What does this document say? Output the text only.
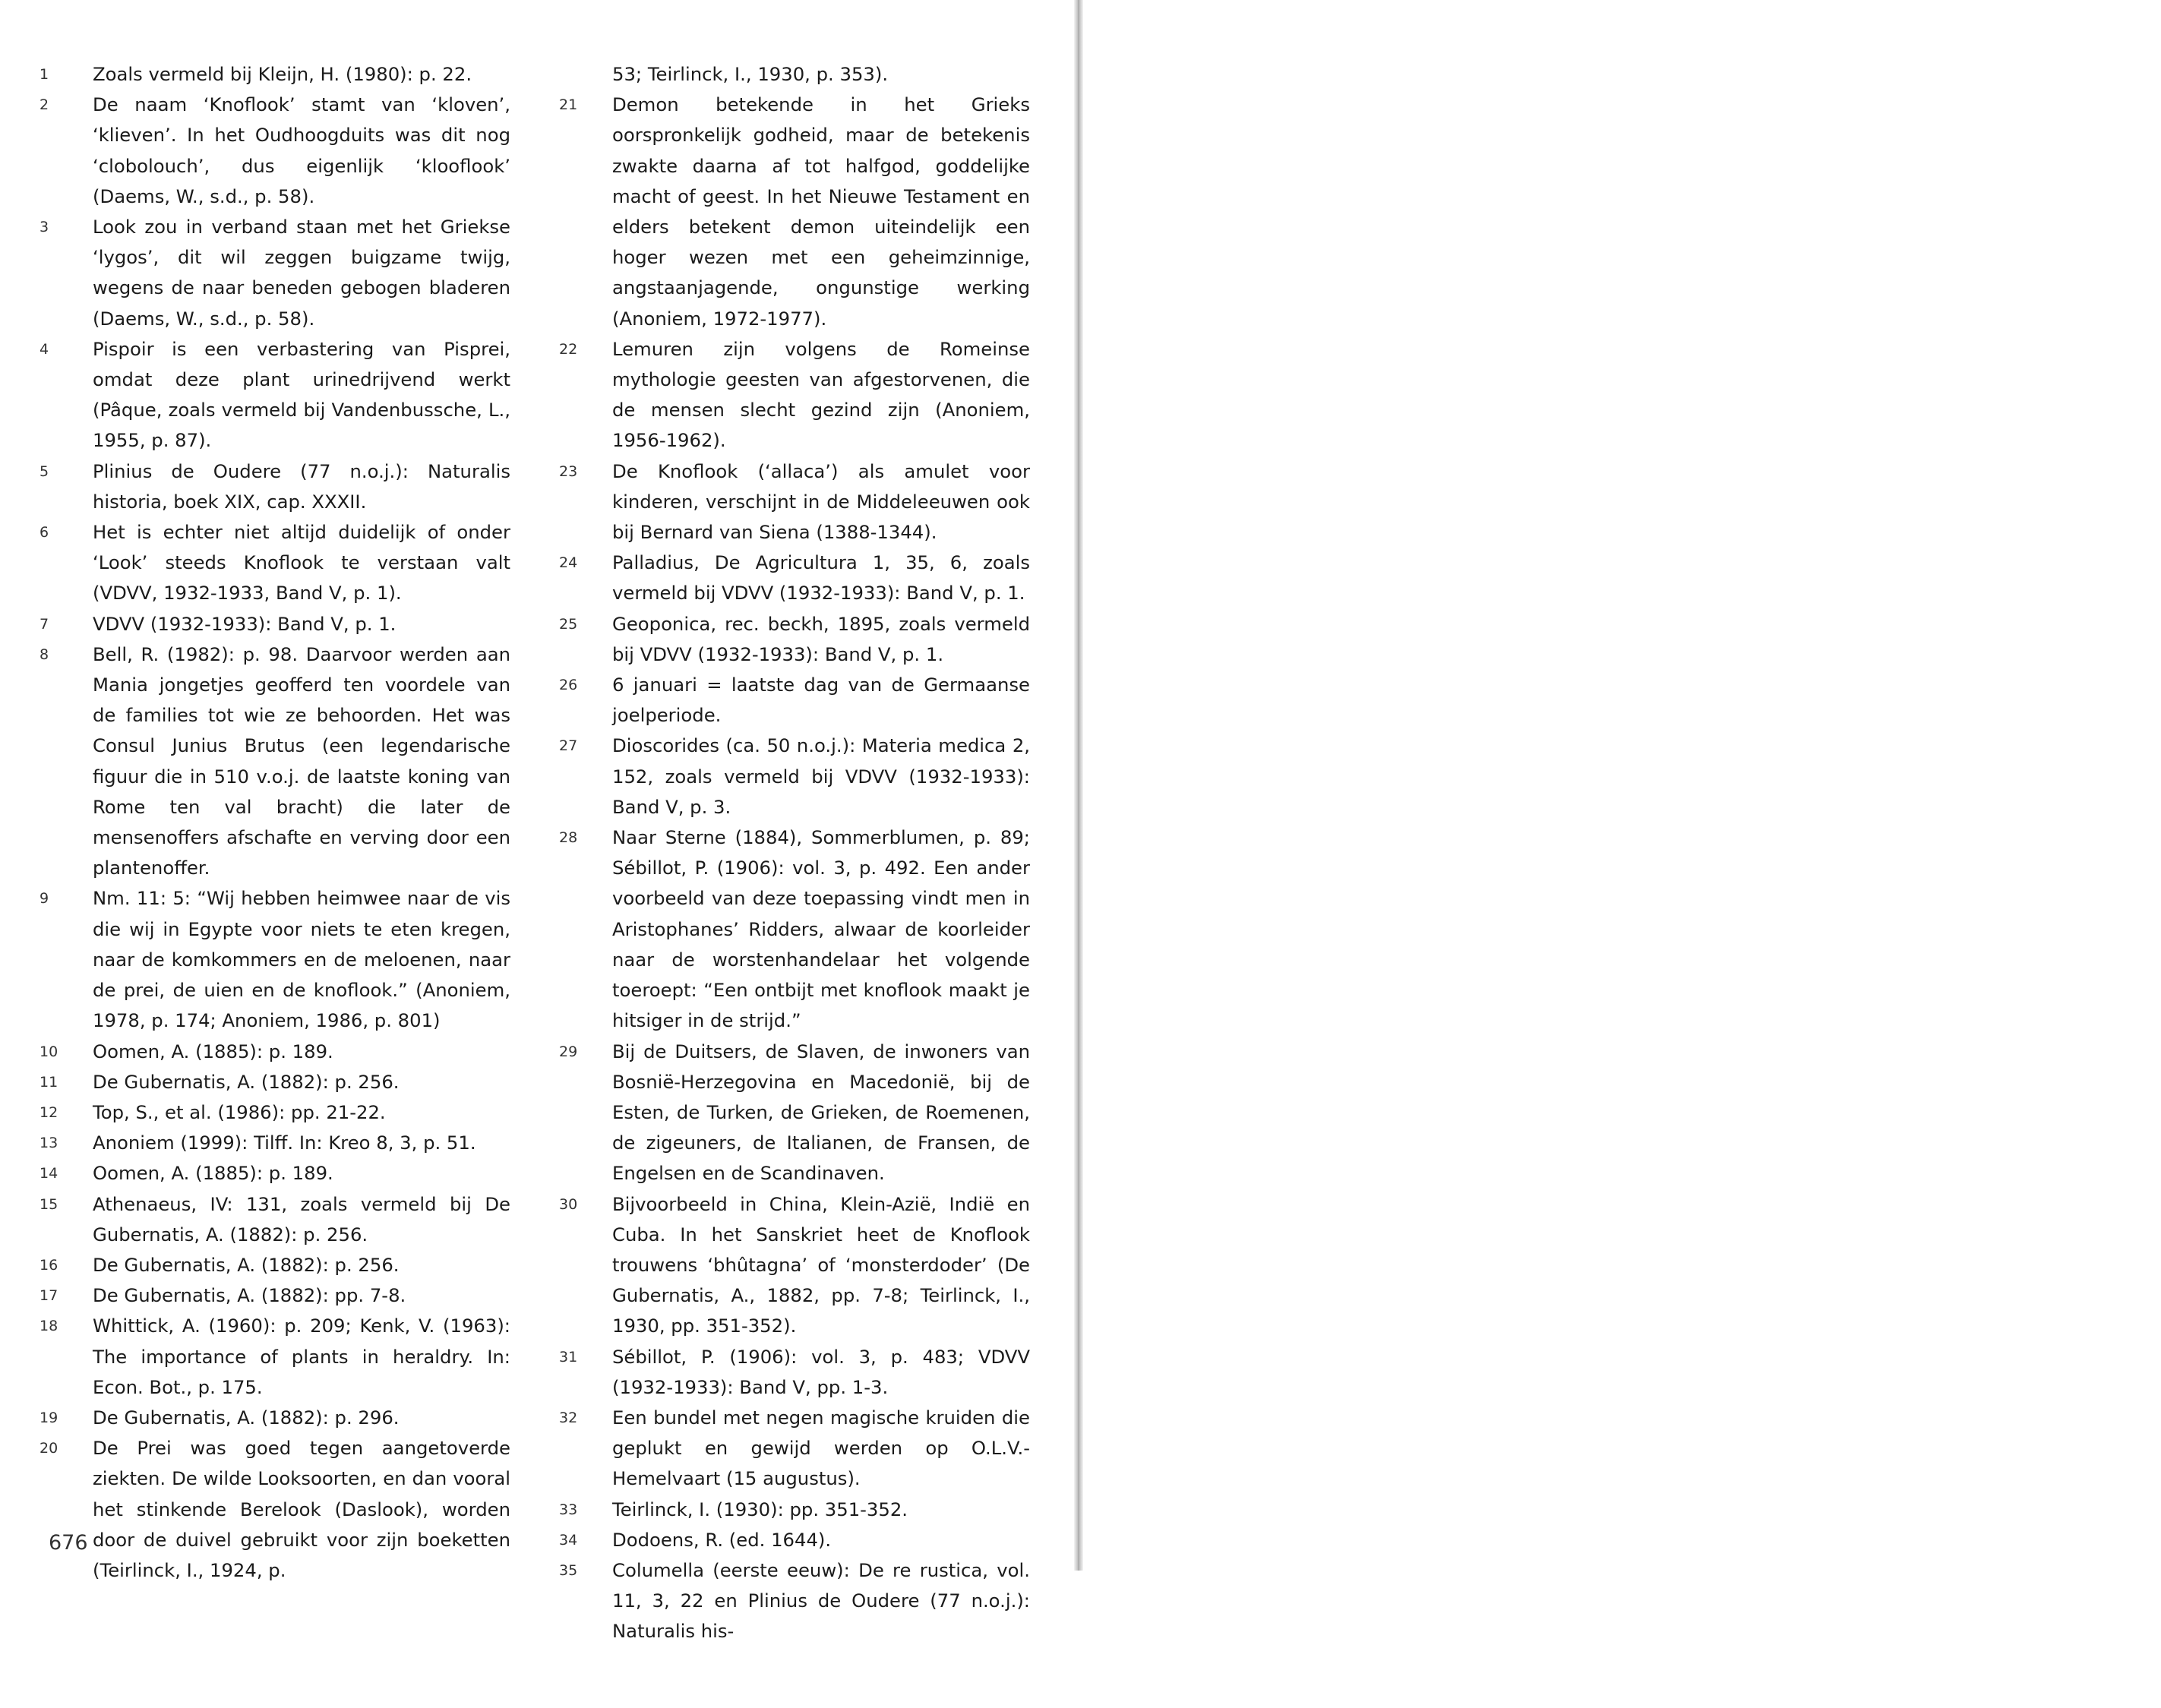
1	Zoals vermeld bij Kleijn, H. (1980): p. 22.
2	De naam ‘Knoflook’ stamt van ‘kloven’, ‘klieven’. In het Oudhoogduits was dit nog ‘clobolouch’, dus eigenlijk ‘klooflook’ (Daems, W., s.d., p. 58).
3	Look zou in verband staan met het Griekse ‘lygos’, dit wil zeggen buigzame twijg, wegens de naar beneden gebogen bladeren (Daems, W., s.d., p. 58).
4	Pispoir is een verbastering van Pisprei, omdat deze plant urinedrijvend werkt (Pâque, zoals vermeld bij Vandenbussche, L., 1955, p. 87).
5	Plinius de Oudere (77 n.o.j.): Naturalis historia, boek XIX, cap. XXXII.
6	Het is echter niet altijd duidelijk of onder ‘Look’ steeds Knoflook te verstaan valt (VDVV, 1932-1933, Band V, p. 1).
7	VDVV (1932-1933): Band V, p. 1.
8	Bell, R. (1982): p. 98. Daarvoor werden aan Mania jongetjes geofferd ten voordele van de families tot wie ze behoorden. Het was Consul Junius Brutus (een legendarische figuur die in 510 v.o.j. de laatste koning van Rome ten val bracht) die later de mensenoffers afschafte en verving door een plantenoffer.
9	Nm. 11: 5: “Wij hebben heimwee naar de vis die wij in Egypte voor niets te eten kregen, naar de komkommers en de meloenen, naar de prei, de uien en de knoflook.” (Anoniem, 1978, p. 174; Anoniem, 1986, p. 801)
10	Oomen, A. (1885): p. 189.
11	De Gubernatis, A. (1882): p. 256.
12	Top, S., et al. (1986): pp. 21-22.
13	Anoniem (1999): Tilff. In: Kreo 8, 3, p. 51.
14	Oomen, A. (1885): p. 189.
15	Athenaeus, IV: 131, zoals vermeld bij De Gubernatis, A. (1882): p. 256.
16	De Gubernatis, A. (1882): p. 256.
17	De Gubernatis, A. (1882): pp. 7-8.
18	Whittick, A. (1960): p. 209; Kenk, V. (1963): The importance of plants in heraldry. In: Econ. Bot., p. 175.
19	De Gubernatis, A. (1882): p. 296.
20	De Prei was goed tegen aangetoverde ziekten. De wilde Looksoorten, en dan vooral het stinkende Berelook (Daslook), worden door de duivel gebruikt voor zijn boeketten (Teirlinck, I., 1924, p.
53; Teirlinck, I., 1930, p. 353).
21	Demon betekende in het Grieks oorspronkelijk godheid, maar de betekenis zwakte daarna af tot halfgod, goddelijke macht of geest. In het Nieuwe Testament en elders betekent demon uiteindelijk een hoger wezen met een geheimzinnige, angstaanjagende, ongunstige werking (Anoniem, 1972-1977).
22	Lemuren zijn volgens de Romeinse mythologie geesten van afgestorvenen, die de mensen slecht gezind zijn (Anoniem, 1956-1962).
23	De Knoflook (‘allaca’) als amulet voor kinderen, verschijnt in de Middeleeuwen ook bij Bernard van Siena (1388-1344).
24	Palladius, De Agricultura 1, 35, 6, zoals vermeld bij VDVV (1932-1933): Band V, p. 1.
25	Geoponica, rec. beckh, 1895, zoals vermeld bij VDVV (1932-1933): Band V, p. 1.
26	6 januari = laatste dag van de Germaanse joelperiode.
27	Dioscorides (ca. 50 n.o.j.): Materia medica 2, 152, zoals vermeld bij VDVV (1932-1933): Band V, p. 3.
28	Naar Sterne (1884), Sommerblumen, p. 89; Sébillot, P. (1906): vol. 3, p. 492. Een ander voorbeeld van deze toepassing vindt men in Aristophanes’ Ridders, alwaar de koorleider naar de worstenhandelaar het volgende toeroept: “Een ontbijt met knoflook maakt je hitsiger in de strijd.”
29	Bij de Duitsers, de Slaven, de inwoners van Bosnië-Herzegovina en Macedonië, bij de Esten, de Turken, de Grieken, de Roemenen, de zigeuners, de Italianen, de Fransen, de Engelsen en de Scandinaven.
30	Bijvoorbeeld in China, Klein-Azië, Indië en Cuba. In het Sanskriet heet de Knoflook trouwens ‘bhûtagna’ of ‘monsterdoder’ (De Gubernatis, A., 1882, pp. 7-8; Teirlinck, I., 1930, pp. 351-352).
31	Sébillot, P. (1906): vol. 3, p. 483; VDVV (1932-1933): Band V, pp. 1-3.
32	Een bundel met negen magische kruiden die geplukt en gewijd werden op O.L.V.-Hemelvaart (15 augustus).
33	Teirlinck, I. (1930): pp. 351-352.
34	Dodoens, R. (ed. 1644).
35	Columella (eerste eeuw): De re rustica, vol. 11, 3, 22 en Plinius de Oudere (77 n.o.j.): Naturalis his-
676
